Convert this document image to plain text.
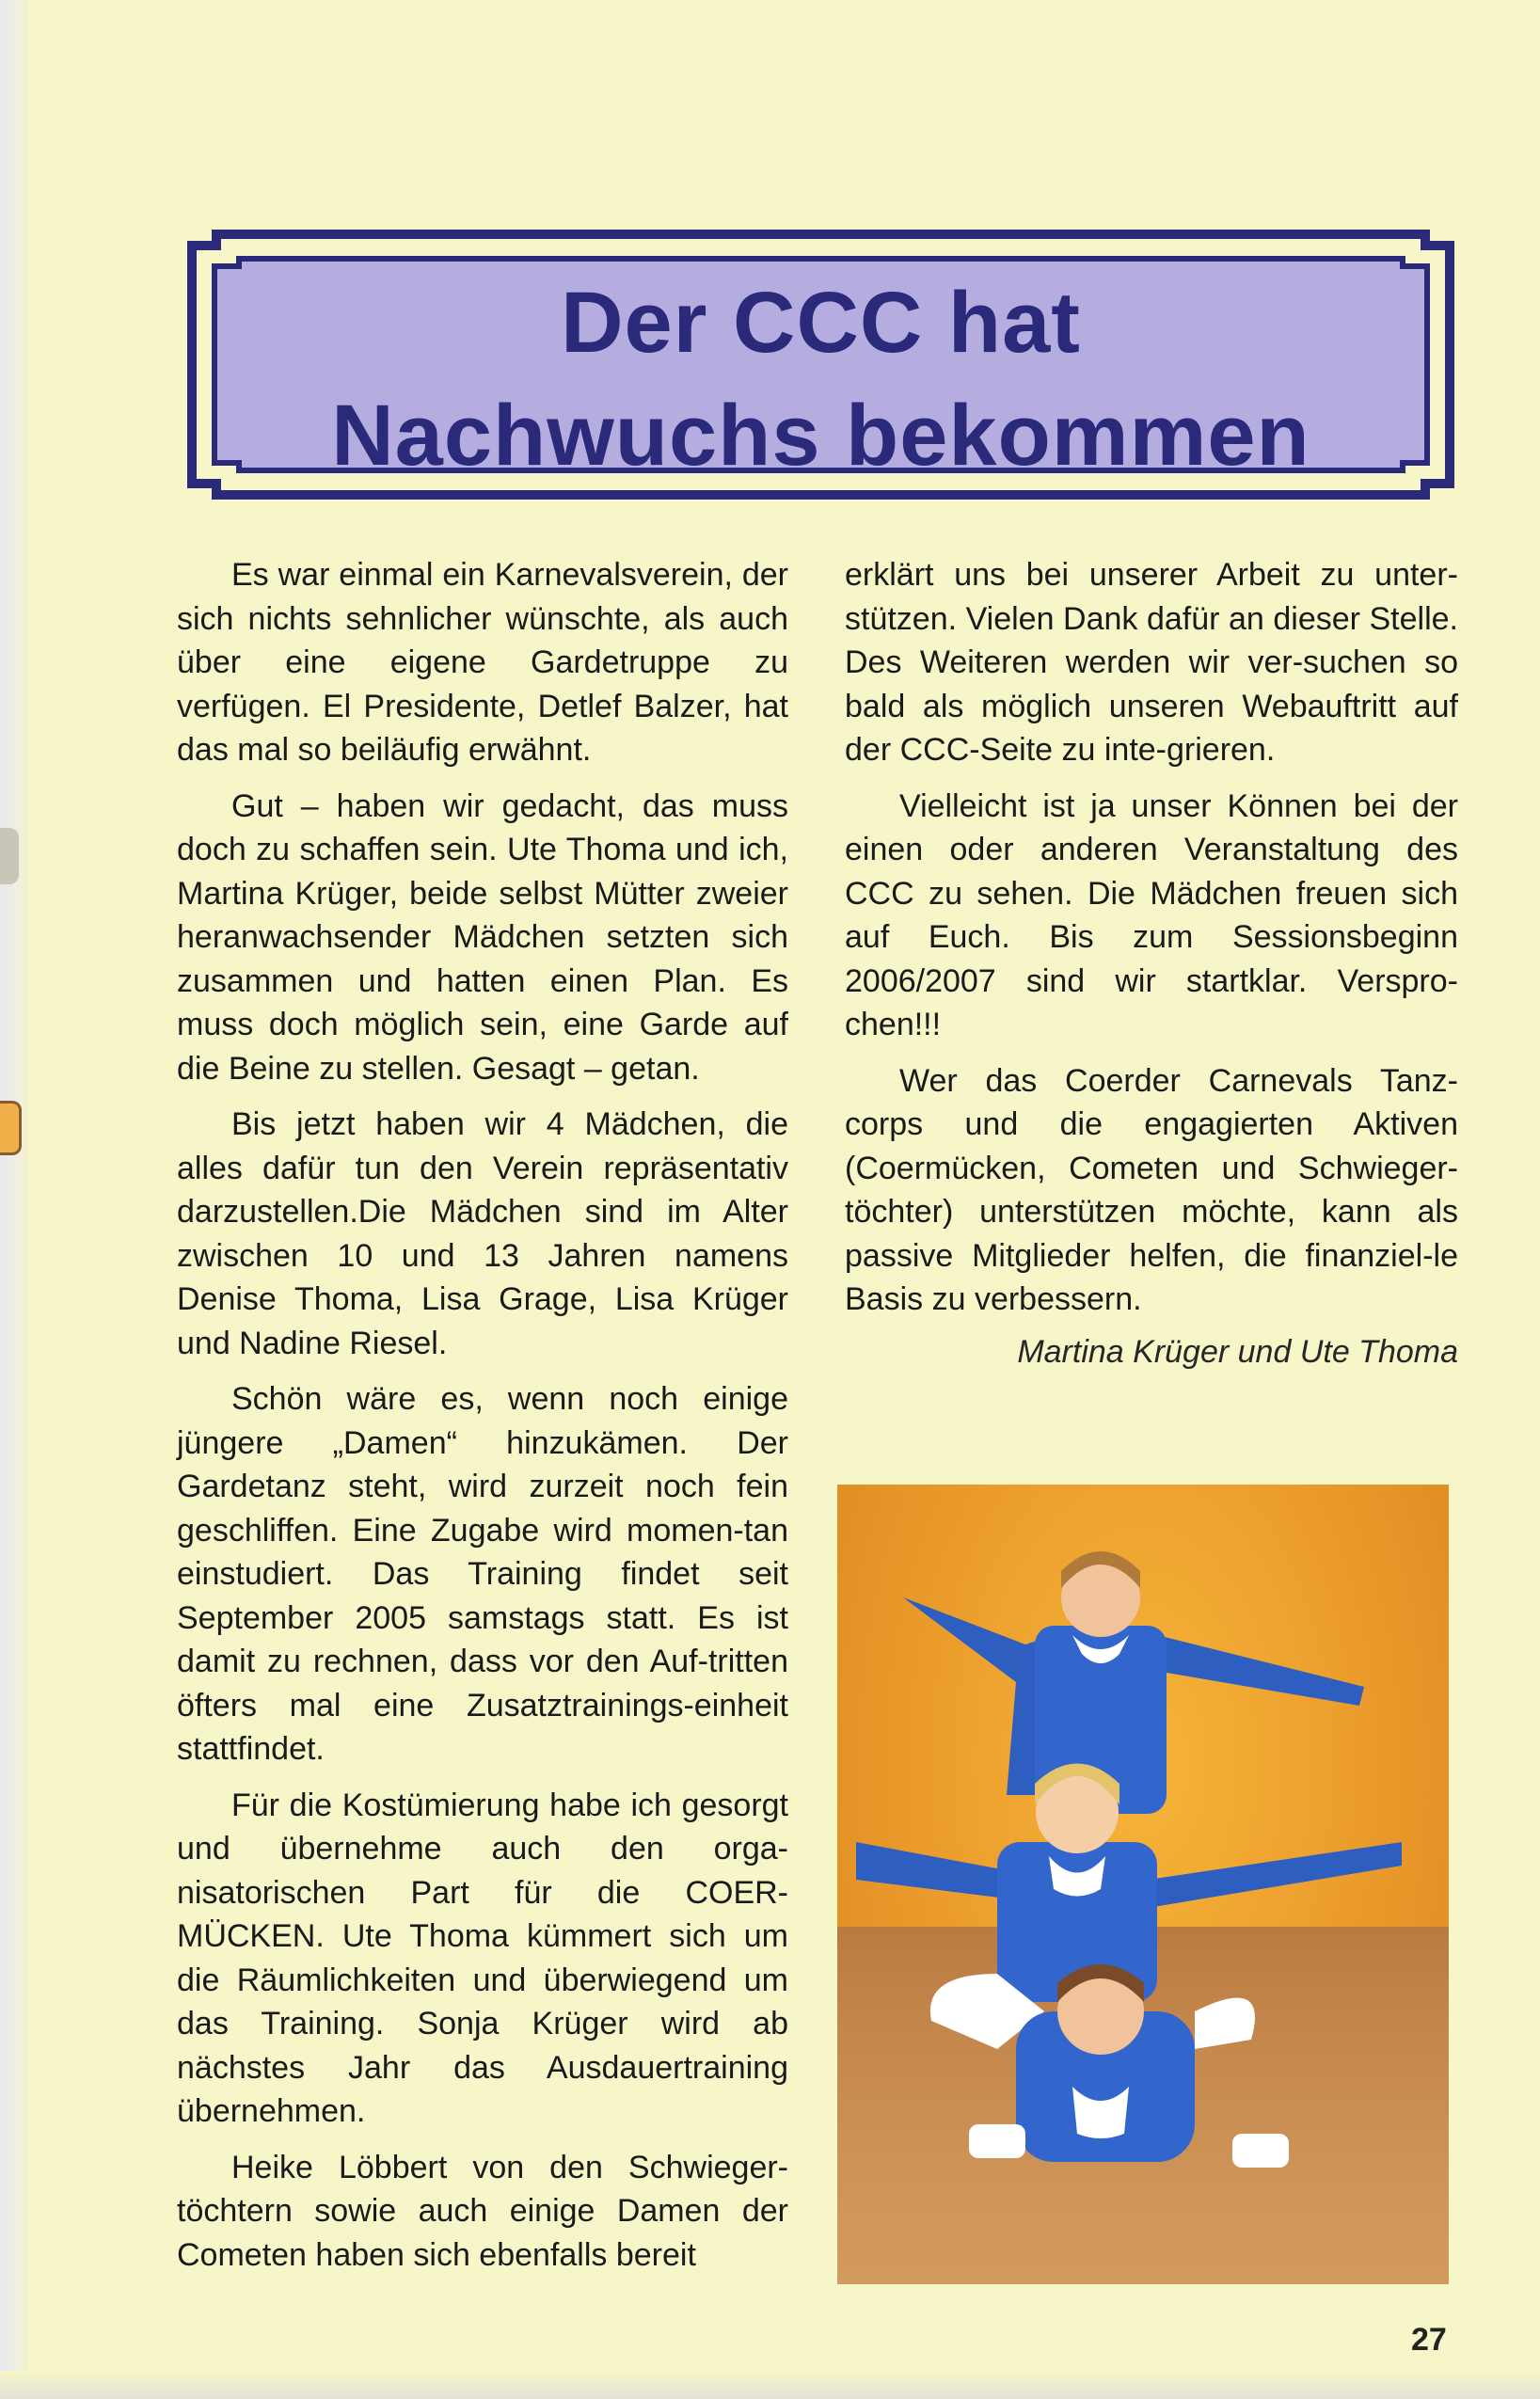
Der CCC hat
Nachwuchs bekommen

Es war einmal ein Karnevalsverein, der sich nichts sehnlicher wünschte, als auch über eine eigene Gardetruppe zu verfügen. El Presidente, Detlef Balzer, hat das mal so beiläufig erwähnt.

Gut – haben wir gedacht, das muss doch zu schaffen sein. Ute Thoma und ich, Martina Krüger, beide selbst Mütter zweier heranwachsender Mädchen setzten sich zusammen und hatten einen Plan. Es muss doch möglich sein, eine Garde auf die Beine zu stellen. Gesagt – getan.

Bis jetzt haben wir 4 Mädchen, die alles dafür tun den Verein repräsentativ darzustellen.Die Mädchen sind im Alter zwischen 10 und 13 Jahren namens Denise Thoma, Lisa Grage, Lisa Krüger und Nadine Riesel.

Schön wäre es, wenn noch einige jüngere „Damen“ hinzukämen. Der Gardetanz steht, wird zurzeit noch fein geschliffen. Eine Zugabe wird momen-tan einstudiert. Das Training findet seit September 2005 samstags statt. Es ist damit zu rechnen, dass vor den Auf-tritten öfters mal eine Zusatztrainings-einheit stattfindet.

Für die Kostümierung habe ich gesorgt und übernehme auch den orga-nisatorischen Part für die COER-MÜCKEN. Ute Thoma kümmert sich um die Räumlichkeiten und überwiegend um das Training. Sonja Krüger wird ab nächstes Jahr das Ausdauertraining übernehmen.

Heike Löbbert von den Schwieger-töchtern sowie auch einige Damen der Cometen haben sich ebenfalls bereit

erklärt uns bei unserer Arbeit zu unter-stützen. Vielen Dank dafür an dieser Stelle. Des Weiteren werden wir ver-suchen so bald als möglich unseren Webauftritt auf der CCC-Seite zu inte-grieren.

Vielleicht ist ja unser Können bei der einen oder anderen Veranstaltung des CCC zu sehen. Die Mädchen freuen sich auf Euch. Bis zum Sessionsbeginn 2006/2007 sind wir startklar. Verspro-chen!!!

Wer das Coerder Carnevals Tanz-corps und die engagierten Aktiven (Coermücken, Cometen und Schwieger-töchter) unterstützen möchte, kann als passive Mitglieder helfen, die finanziel-le Basis zu verbessern.

Martina Krüger und Ute Thoma
27
